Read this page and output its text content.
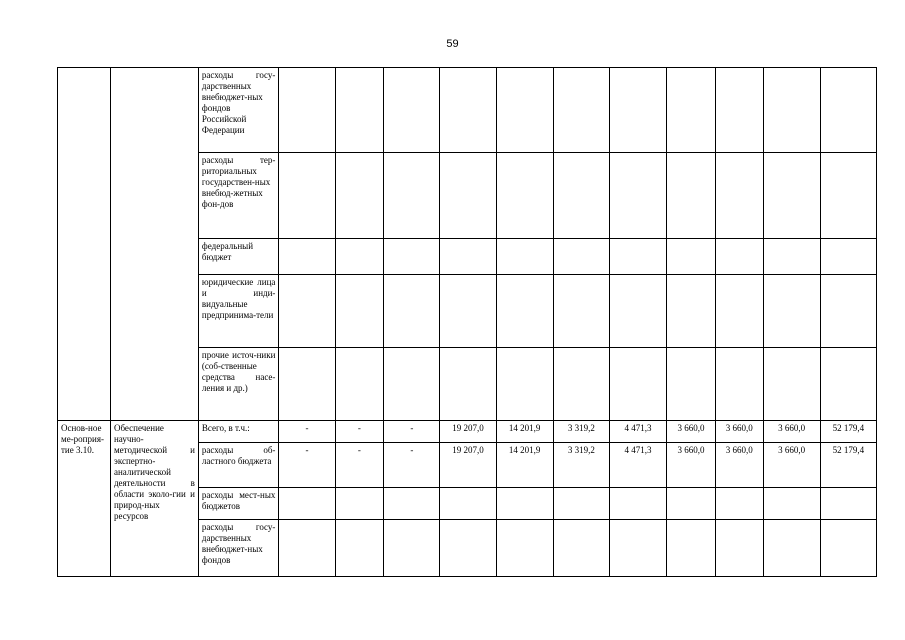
59
		расходы госу-дарственных внебюджет-ных фондов Российской Федерации											
		расходы тер-риториальных государствен-ных внебюд-жетных фон-дов											
		федеральный бюджет											
		юридические лица и инди-видуальные предпринима-тели											
		прочие источ-ники (соб-ственные средства насе-ления и др.)											
Основ-ное ме-роприя-тие 3.10.	Обеспечение научно-методической и экспертно-аналитической деятельности в области эколо-гии и природ-ных ресурсов	Всего, в т.ч.:	-	-	-	19 207,0	14 201,9	3 319,2	4 471,3	3 660,0	3 660,0	3 660,0	52 179,4
		расходы об-ластного бюджета	-	-	-	19 207,0	14 201,9	3 319,2	4 471,3	3 660,0	3 660,0	3 660,0	52 179,4
		расходы мест-ных бюджетов											
		расходы госу-дарственных внебюджет-ных фондов											
